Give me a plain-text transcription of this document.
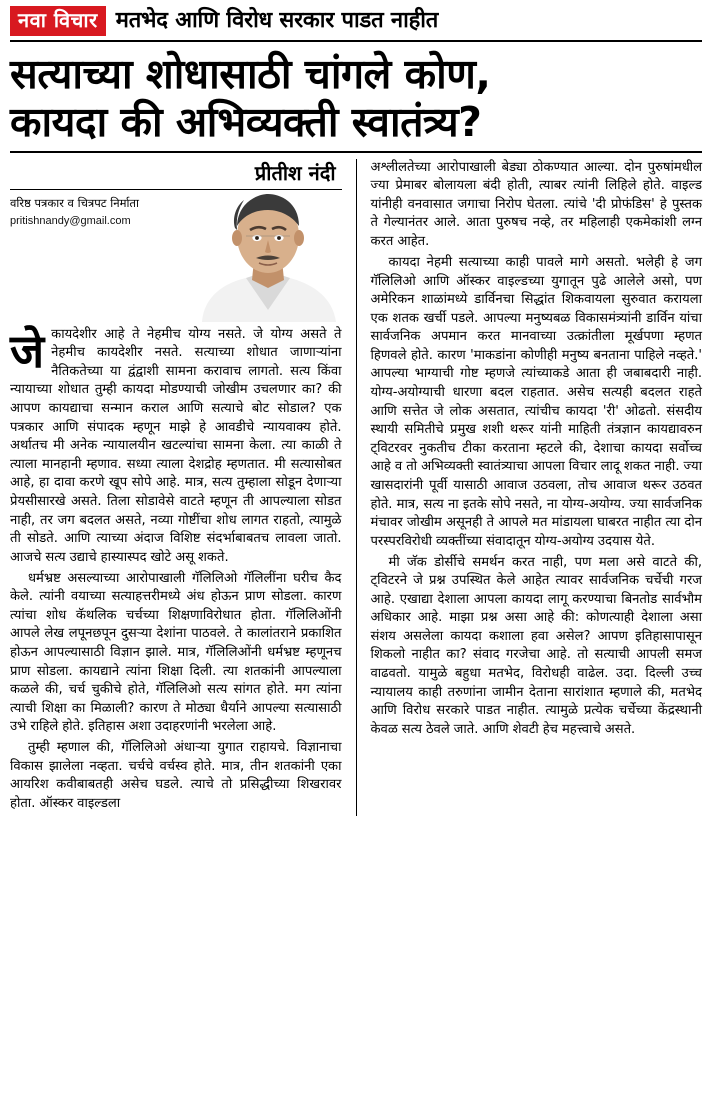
नवा विचार मतभेद आणि विरोध सरकार पाडत नाहीत
सत्याच्या शोधासाठी चांगले कोण,
कायदा की अभिव्यक्ती स्वातंत्र्य?
प्रीतीश नंदी
वरिष्ठ पत्रकार व चित्रपट निर्माता
pritishnandy@gmail.com
जे कायदेशीर आहे ते नेहमीच योग्य नसते. जे योग्य असते ते नेहमीच कायदेशीर नसते. सत्याच्या शोधात जाणाऱ्यांना नैतिकतेच्या या द्वंद्वाशी सामना करावाच लागतो. सत्य किंवा न्यायाच्या शोधात तुम्ही कायदा मोडण्याची जोखीम उचलणार का? की आपण कायद्याचा सन्मान कराल आणि सत्याचे बोट सोडाल? एक पत्रकार आणि संपादक म्हणून माझे हे आवडीचे न्यायवाक्य होते. अर्थातच मी अनेक न्यायालयीन खटल्यांचा सामना केला. त्या काळी ते त्याला मानहानी म्हणाव. सध्या त्याला देशद्रोह म्हणतात. मी सत्यासोबत आहे, हा दावा करणे खूप सोपे आहे. मात्र, सत्य तुम्हाला सोडून देणाऱ्या प्रेयसीसारखे असते. तिला सोडावेसे वाटते म्हणून ती आपल्याला सोडत नाही, तर जग बदलत असते, नव्या गोष्टींचा शोध लागत राहतो, त्यामुळे ती सोडते. आणि त्याच्या अंदाज विशिष्ट संदर्भाबाबतच लावला जातो. आजचे सत्य उद्याचे हास्यास्पद खोटे असू शकते.

धर्मभ्रष्ट असल्याच्या आरोपाखाली गॅलिलिओ गॅलिलींना घरीच कैद केले. त्यांनी वयाच्या सत्याहत्तरीमध्ये अंध होऊन प्राण सोडला. कारण त्यांचा शोध कॅथलिक चर्चच्या शिक्षणाविरोधात होता. गॅलिलिओंनी आपले लेख लपूनछपून दुसऱ्या देशांना पाठवले. ते कालांतराने प्रकाशित होऊन आपल्यासाठी विज्ञान झाले. मात्र, गॅलिलिओंनी धर्मभ्रष्ट म्हणूनच प्राण सोडला. कायद्याने त्यांना शिक्षा दिली. त्या शतकांनी आपल्याला कळले की, चर्च चुकीचे होते, गॅलिलिओ सत्य सांगत होते. मग त्यांना त्याची शिक्षा का मिळाली? कारण ते मोठ्या धैर्याने आपल्या सत्यासाठी उभे राहिले होते. इतिहास अशा उदाहरणांनी भरलेला आहे.

तुम्ही म्हणाल की, गॅलिलिओ अंधाऱ्या युगात राहायचे. विज्ञानाचा विकास झालेला नव्हता. चर्चचे वर्चस्व होते. मात्र, तीन शतकांनी एका आयरिश कवीबाबतही असेच घडले. त्याचे तो प्रसिद्धीच्या शिखरावर होता. ऑस्कर वाइल्डला

अश्लीलतेच्या आरोपाखाली बेड्या ठोकण्यात आल्या. दोन पुरुषांमधील ज्या प्रेमाबर बोलायला बंदी होती, त्याबर त्यांनी लिहिले होते. वाइल्ड यांनीही वनवासात जगाचा निरोप घेतला. त्यांचे 'दी प्रोफंडिस' हे पुस्तक ते गेल्यानंतर आले. आता पुरुषच नव्हे, तर महिलाही एकमेकांशी लग्न करत आहेत.

कायदा नेहमी सत्याच्या काही पावले मागे असतो. भलेही हे जग गॅलिलिओ आणि ऑस्कर वाइल्डच्या युगातून पुढे आलेले असो, पण अमेरिकन शाळांमध्ये डार्विनचा सिद्धांत शिकवायला सुरुवात करायला एक शतक खर्ची पडले. आपल्या मनुष्यबळ विकासमंत्र्यांनी डार्विन यांचा सार्वजनिक अपमान करत मानवाच्या उत्क्रांतीला मूर्खपणा म्हणत हिणवले होते. कारण 'माकडांना कोणीही मनुष्य बनताना पाहिले नव्हते.' आपल्या भाग्याची गोष्ट म्हणजे त्यांच्याकडे आता ही जबाबदारी नाही. योग्य-अयोग्याची धारणा बदल राहतात. असेच सत्यही बदलत राहते आणि सत्तेत जे लोक असतात, त्यांचीच कायदा 'री' ओढतो. संसदीय स्थायी समितीचे प्रमुख शशी थरूर यांनी माहिती तंत्रज्ञान कायद्यावरुन ट्विटरवर नुकतीच टीका करताना म्हटले की, देशाचा कायदा सर्वोच्च आहे व तो अभिव्यक्ती स्वातंत्र्याचा आपला विचार लादू शकत नाही. ज्या खासदारांनी पूर्वी यासाठी आवाज उठवला, तोच आवाज थरूर उठवत होते. मात्र, सत्य ना इतके सोपे नसते, ना योग्य-अयोग्य. ज्या सार्वजनिक मंचावर जोखीम असूनही ते आपले मत मांडायला घाबरत नाहीत त्या दोन परस्परविरोधी व्यक्तींच्या संवादातून योग्य-अयोग्य उदयास येते.

मी जॅक डोर्सीचे समर्थन करत नाही, पण मला असे वाटते की, ट्विटरने जे प्रश्न उपस्थित केले आहेत त्यावर सार्वजनिक चर्चेची गरज आहे. एखाद्या देशाला आपला कायदा लागू करण्याचा बिनतोड सार्वभौम अधिकार आहे. माझा प्रश्न असा आहे की: कोणत्याही देशाला असा संशय असलेला कायदा कशाला हवा असेल? आपण इतिहासापासून शिकलो नाहीत का? संवाद गरजेचा आहे. तो सत्याची आपली समज वाढवतो. यामुळे बहुधा मतभेद, विरोधही वाढेल. उदा. दिल्ली उच्च न्यायालय काही तरुणांना जामीन देताना सारांशात म्हणाले की, मतभेद आणि विरोध सरकारे पाडत नाहीत. त्यामुळे प्रत्येक चर्चेच्या केंद्रस्थानी केवळ सत्य ठेवले जाते. आणि शेवटी हेच महत्त्वाचे असते.
